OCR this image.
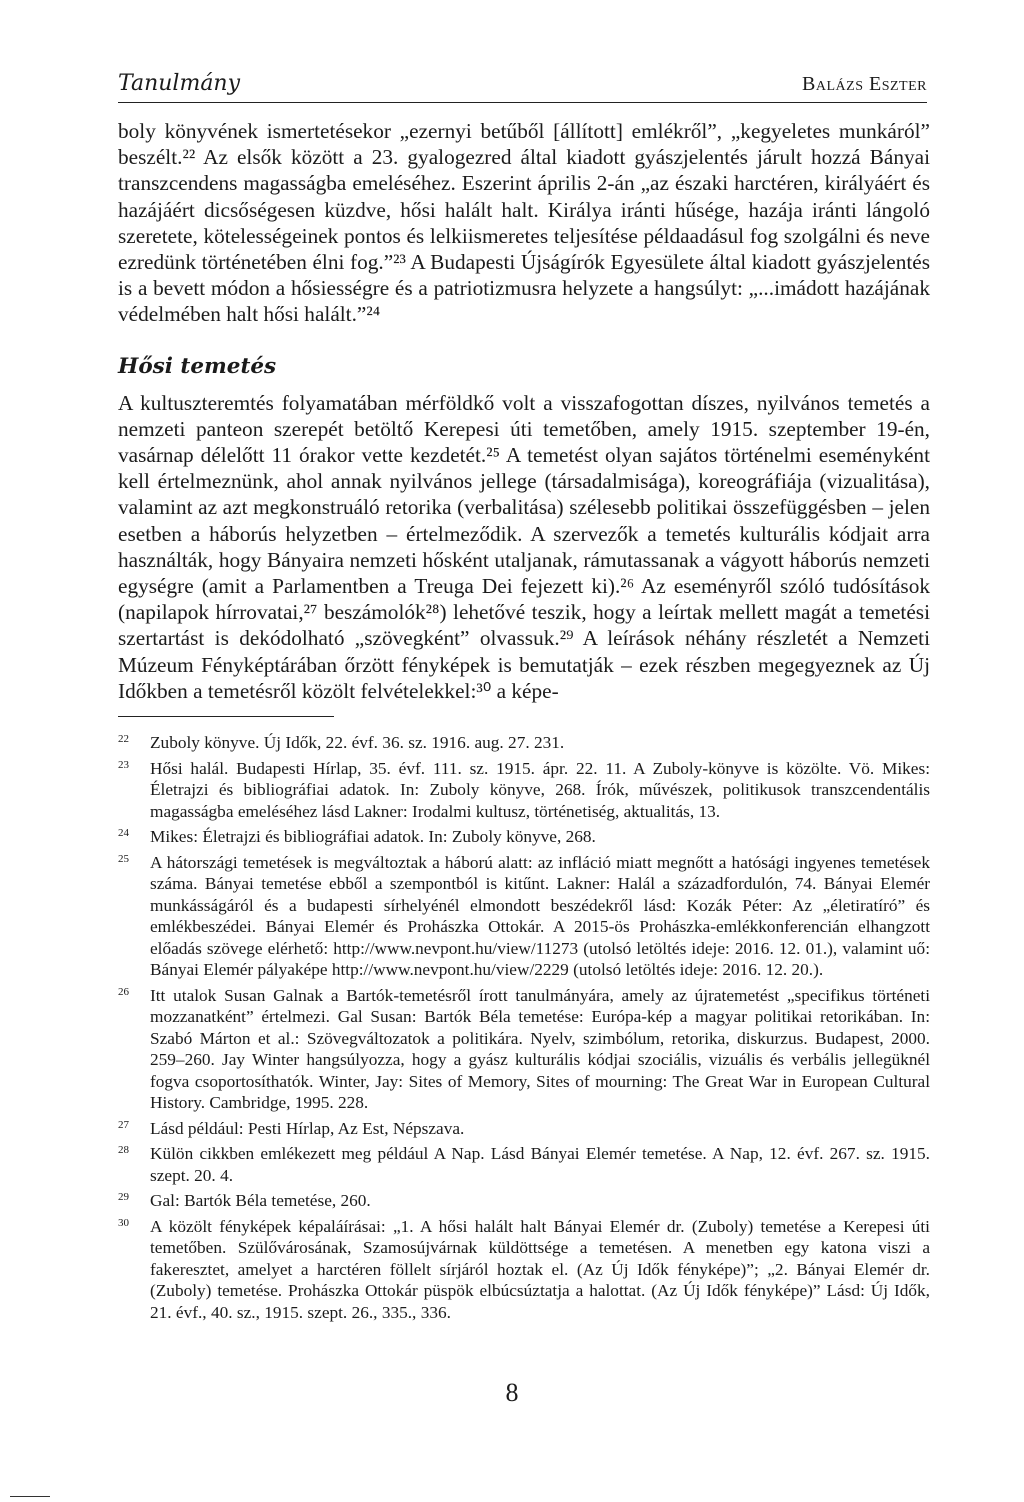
Tanulmány	Balázs Eszter

boly könyvének ismertetésekor „ezernyi betűből [állított] emlékről”, „kegyeletes munkáról” beszélt.²² Az elsők között a 23. gyalogezred által kiadott gyászjelentés járult hozzá Bányai transzcendens magasságba emeléséhez. Eszerint április 2-án „az északi harctéren, királyáért és hazájáért dicsőségesen küzdve, hősi halált halt. Királya iránti hűsége, hazája iránti lángoló szeretete, kötelességeinek pontos és lelkiismeretes teljesítése példaadásul fog szolgálni és neve ezredünk történetében élni fog.”²³ A Budapesti Újságírók Egyesülete által kiadott gyászjelentés is a bevett módon a hősiességre és a patriotizmusra helyzete a hangsúlyt: „...imádott hazájának védelmében halt hősi halált.”²⁴

Hősi temetés

A kultuszteremtés folyamatában mérföldkő volt a visszafogottan díszes, nyilvános temetés a nemzeti panteon szerepét betöltő Kerepesi úti temetőben, amely 1915. szeptember 19-én, vasárnap délelőtt 11 órakor vette kezdetét.²⁵ A temetést olyan sajátos történelmi eseményként kell értelmeznünk, ahol annak nyilvános jellege (társadalmisága), koreográfiája (vizualitása), valamint az azt megkonstruáló retorika (verbalitása) szélesebb politikai összefüggésben – jelen esetben a háborús helyzetben – értelmeződik. A szervezők a temetés kulturális kódjait arra használták, hogy Bányaira nemzeti hősként utaljanak, rámutassanak a vágyott háborús nemzeti egységre (amit a Parlamentben a Treuga Dei fejezett ki).²⁶ Az eseményről szóló tudósítások (napilapok hírrovatai,²⁷ beszámolók²⁸) lehetővé teszik, hogy a leírtak mellett magát a temetési szertartást is dekódolható „szövegként” olvassuk.²⁹ A leírások néhány részletét a Nemzeti Múzeum Fényképtárában őrzött fényképek is bemutatják – ezek részben megegyeznek az Új Időkben a temetésről közölt felvételekkel:³⁰ a képe-

22 Zuboly könyve. Új Idők, 22. évf. 36. sz. 1916. aug. 27. 231.
23 Hősi halál. Budapesti Hírlap, 35. évf. 111. sz. 1915. ápr. 22. 11. A Zuboly-könyve is közölte. Vö. Mikes: Életrajzi és bibliográfiai adatok. In: Zuboly könyve, 268. Írók, művészek, politikusok transzcendentális magasságba emeléséhez lásd Lakner: Irodalmi kultusz, történetiség, aktualitás, 13.
24 Mikes: Életrajzi és bibliográfiai adatok. In: Zuboly könyve, 268.
25 A hátországi temetések is megváltoztak a háború alatt: az infláció miatt megnőtt a hatósági ingyenes temetések száma. Bányai temetése ebből a szempontból is kitűnt. Lakner: Halál a századfordulón, 74. Bányai Elemér munkásságáról és a budapesti sírhelyénél elmondott beszédekről lásd: Kozák Péter: Az „életiratíró” és emlékbeszédei. Bányai Elemér és Prohászka Ottokár. A 2015-ös Prohászka-emlékkonferencián elhangzott előadás szövege elérhető: http://www.nevpont.hu/view/11273 (utolsó letöltés ideje: 2016. 12. 01.), valamint uő: Bányai Elemér pályaképe http://www.nevpont.hu/view/2229 (utolsó letöltés ideje: 2016. 12. 20.).
26 Itt utalok Susan Galnak a Bartók-temetésről írott tanulmányára, amely az újratemetést „specifikus történeti mozzanatként” értelmezi. Gal Susan: Bartók Béla temetése: Európa-kép a magyar politikai retorikában. In: Szabó Márton et al.: Szövegváltozatok a politikára. Nyelv, szimbólum, retorika, diskurzus. Budapest, 2000. 259–260. Jay Winter hangsúlyozza, hogy a gyász kulturális kódjai szociális, vizuális és verbális jellegüknél fogva csoportosíthatók. Winter, Jay: Sites of Memory, Sites of mourning: The Great War in European Cultural History. Cambridge, 1995. 228.
27 Lásd például: Pesti Hírlap, Az Est, Népszava.
28 Külön cikkben emlékezett meg például A Nap. Lásd Bányai Elemér temetése. A Nap, 12. évf. 267. sz. 1915. szept. 20. 4.
29 Gal: Bartók Béla temetése, 260.
30 A közölt fényképek képaláírásai: „1. A hősi halált halt Bányai Elemér dr. (Zuboly) temetése a Kerepesi úti temetőben. Szülővárosának, Szamosújvárnak küldöttsége a temetésen. A menetben egy katona viszi a fakeresztet, amelyet a harctéren föllelt sírjáról hoztak el. (Az Új Idők fényképe)”; „2. Bányai Elemér dr. (Zuboly) temetése. Prohászka Ottokár püspök elbúcsúztatja a halottat. (Az Új Idők fényképe)” Lásd: Új Idők, 21. évf., 40. sz., 1915. szept. 26., 335., 336.
8
